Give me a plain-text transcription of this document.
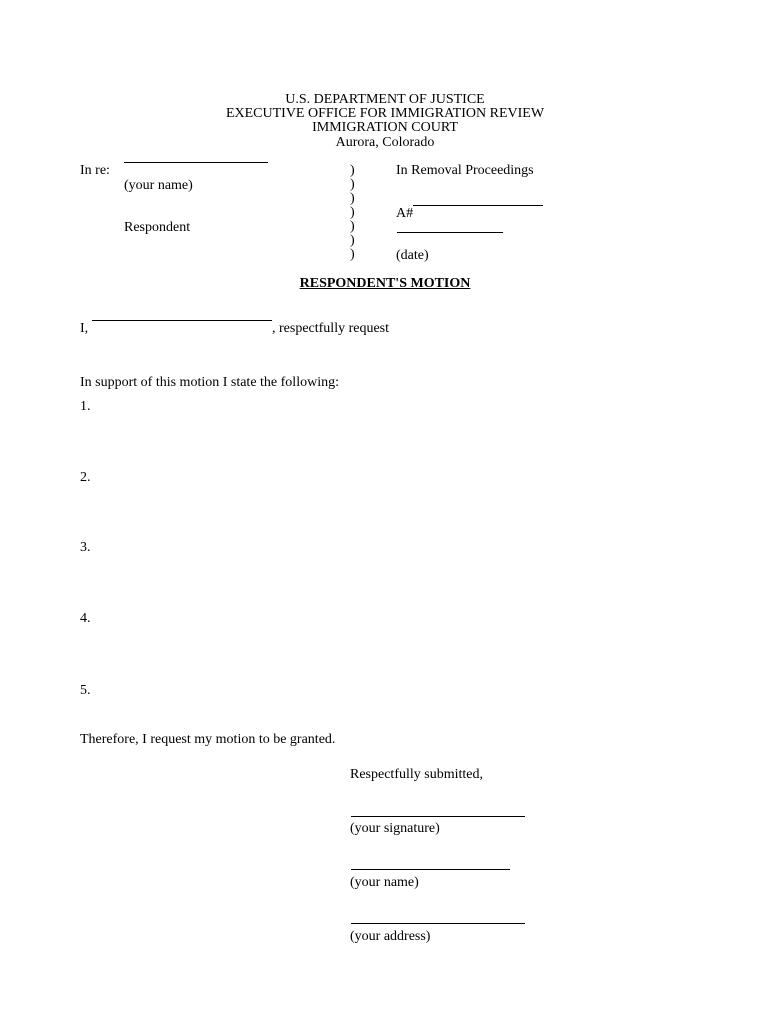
U.S. DEPARTMENT OF JUSTICE
EXECUTIVE OFFICE FOR IMMIGRATION REVIEW
IMMIGRATION COURT
Aurora, Colorado
In re:
(your name)
Respondent
)
)
)
)
)
)
)
In Removal Proceedings
A#
(date)
RESPONDENT'S MOTION
I,	, respectfully request
In support of this motion I state the following:
1.
2.
3.
4.
5.
Therefore, I request my motion to be granted.
Respectfully submitted,
(your signature)
(your name)
(your address)
